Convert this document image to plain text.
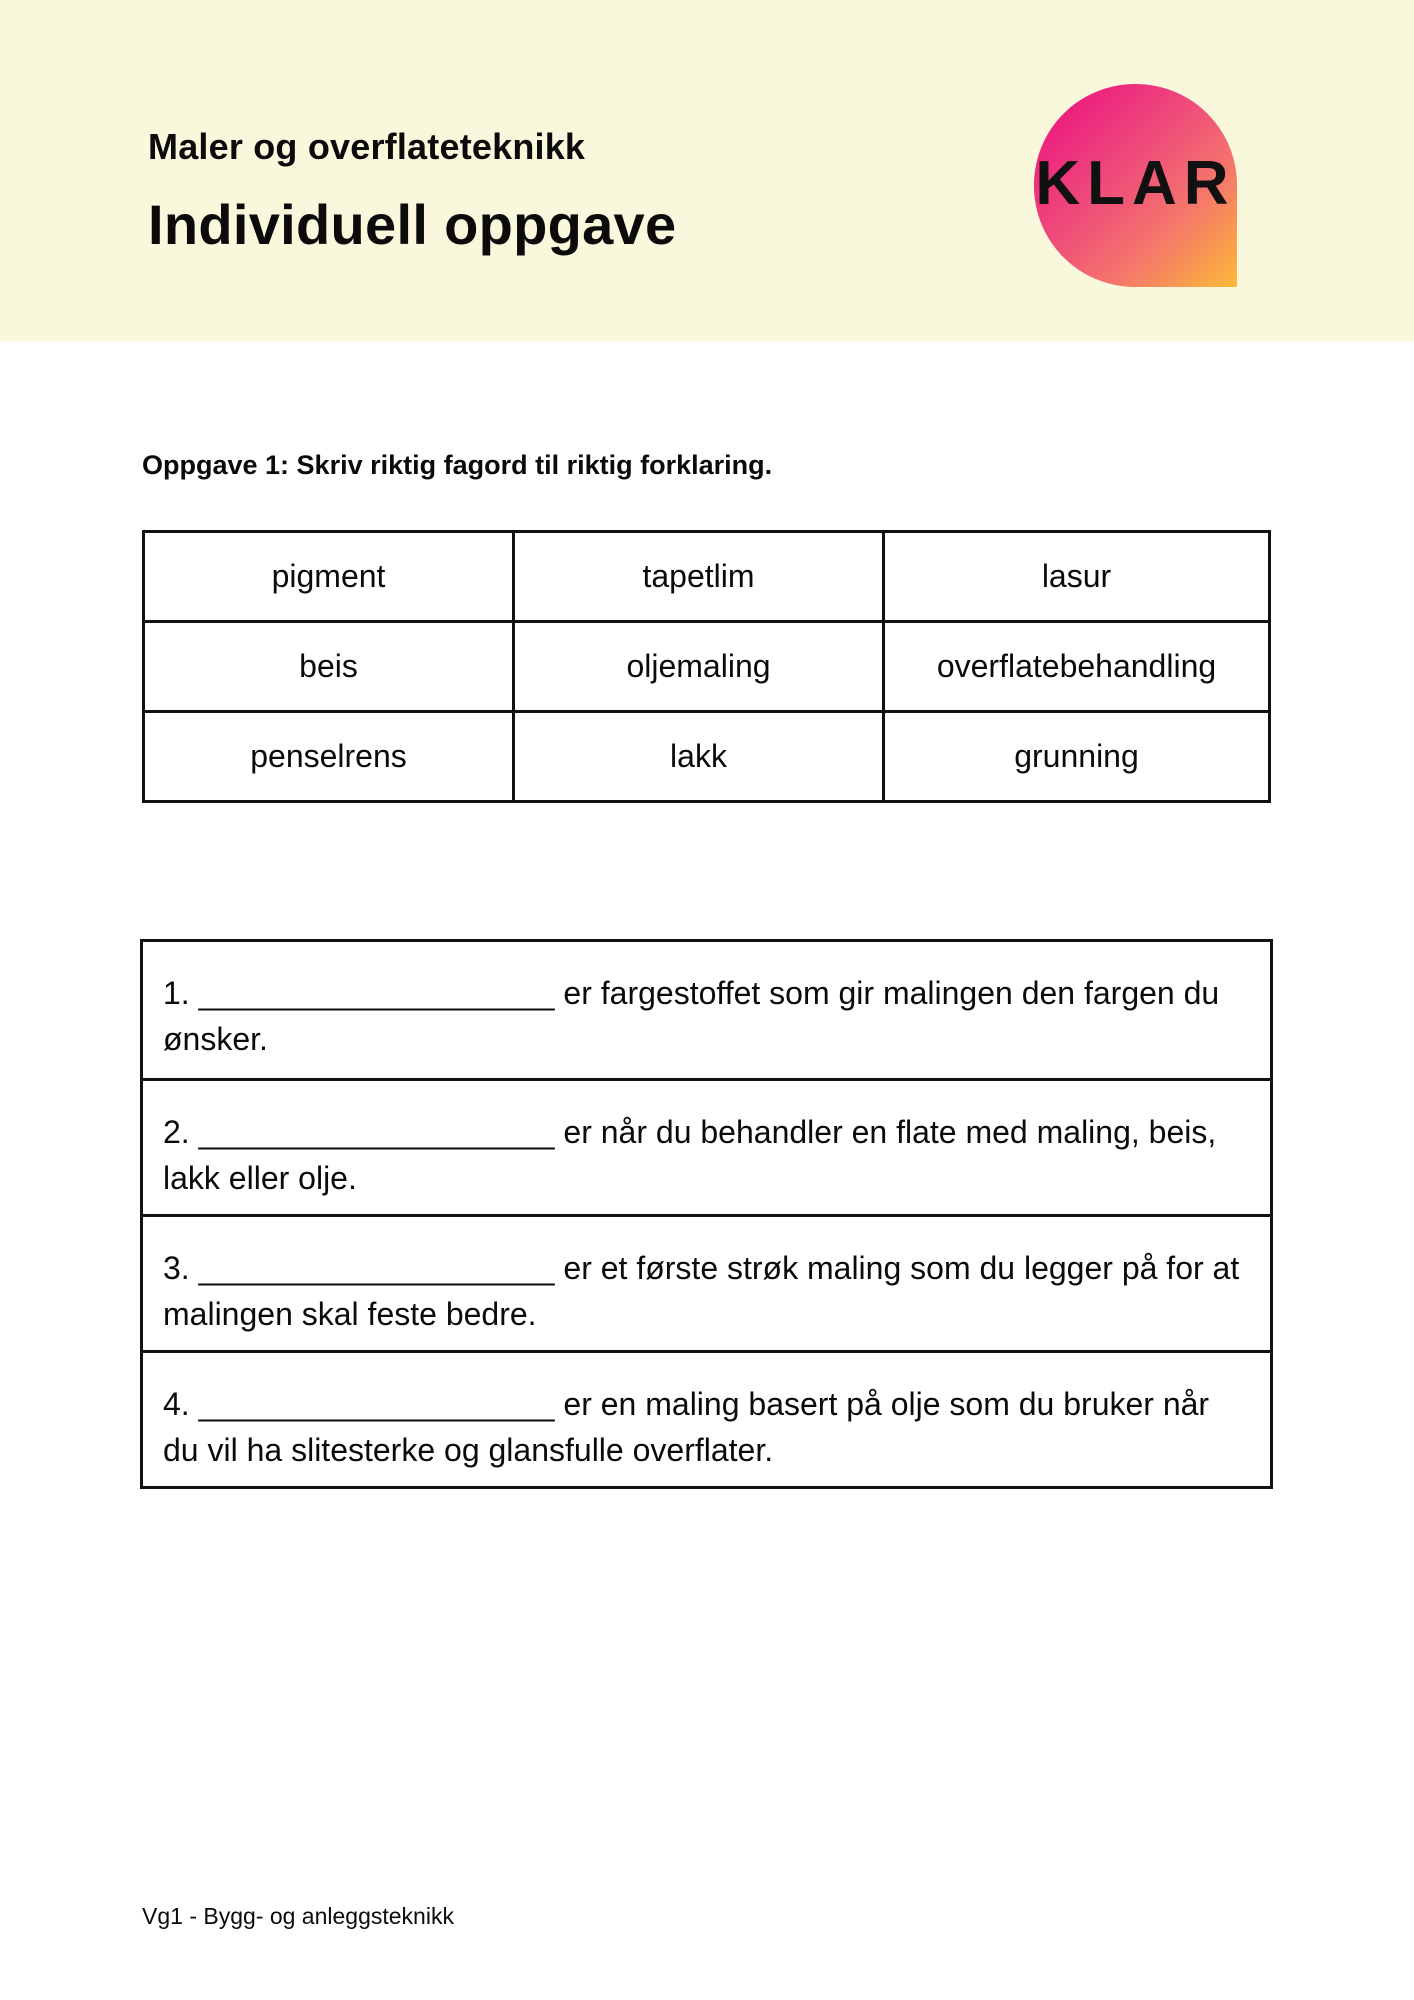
Maler og overflateteknikk
Individuell oppgave
KLAR
Oppgave 1: Skriv riktig fagord til riktig forklaring.
pigment	tapetlim	lasur
beis	oljemaling	overflatebehandling
penselrens	lakk	grunning
1. ____________________ er fargestoffet som gir malingen den fargen du ønsker.
2. ____________________ er når du behandler en flate med maling, beis, lakk eller olje.
3. ____________________ er et første strøk maling som du legger på for at malingen skal feste bedre.
4. ____________________ er en maling basert på olje som du bruker når du vil ha slitesterke og glansfulle overflater.
Vg1 - Bygg- og anleggsteknikk
